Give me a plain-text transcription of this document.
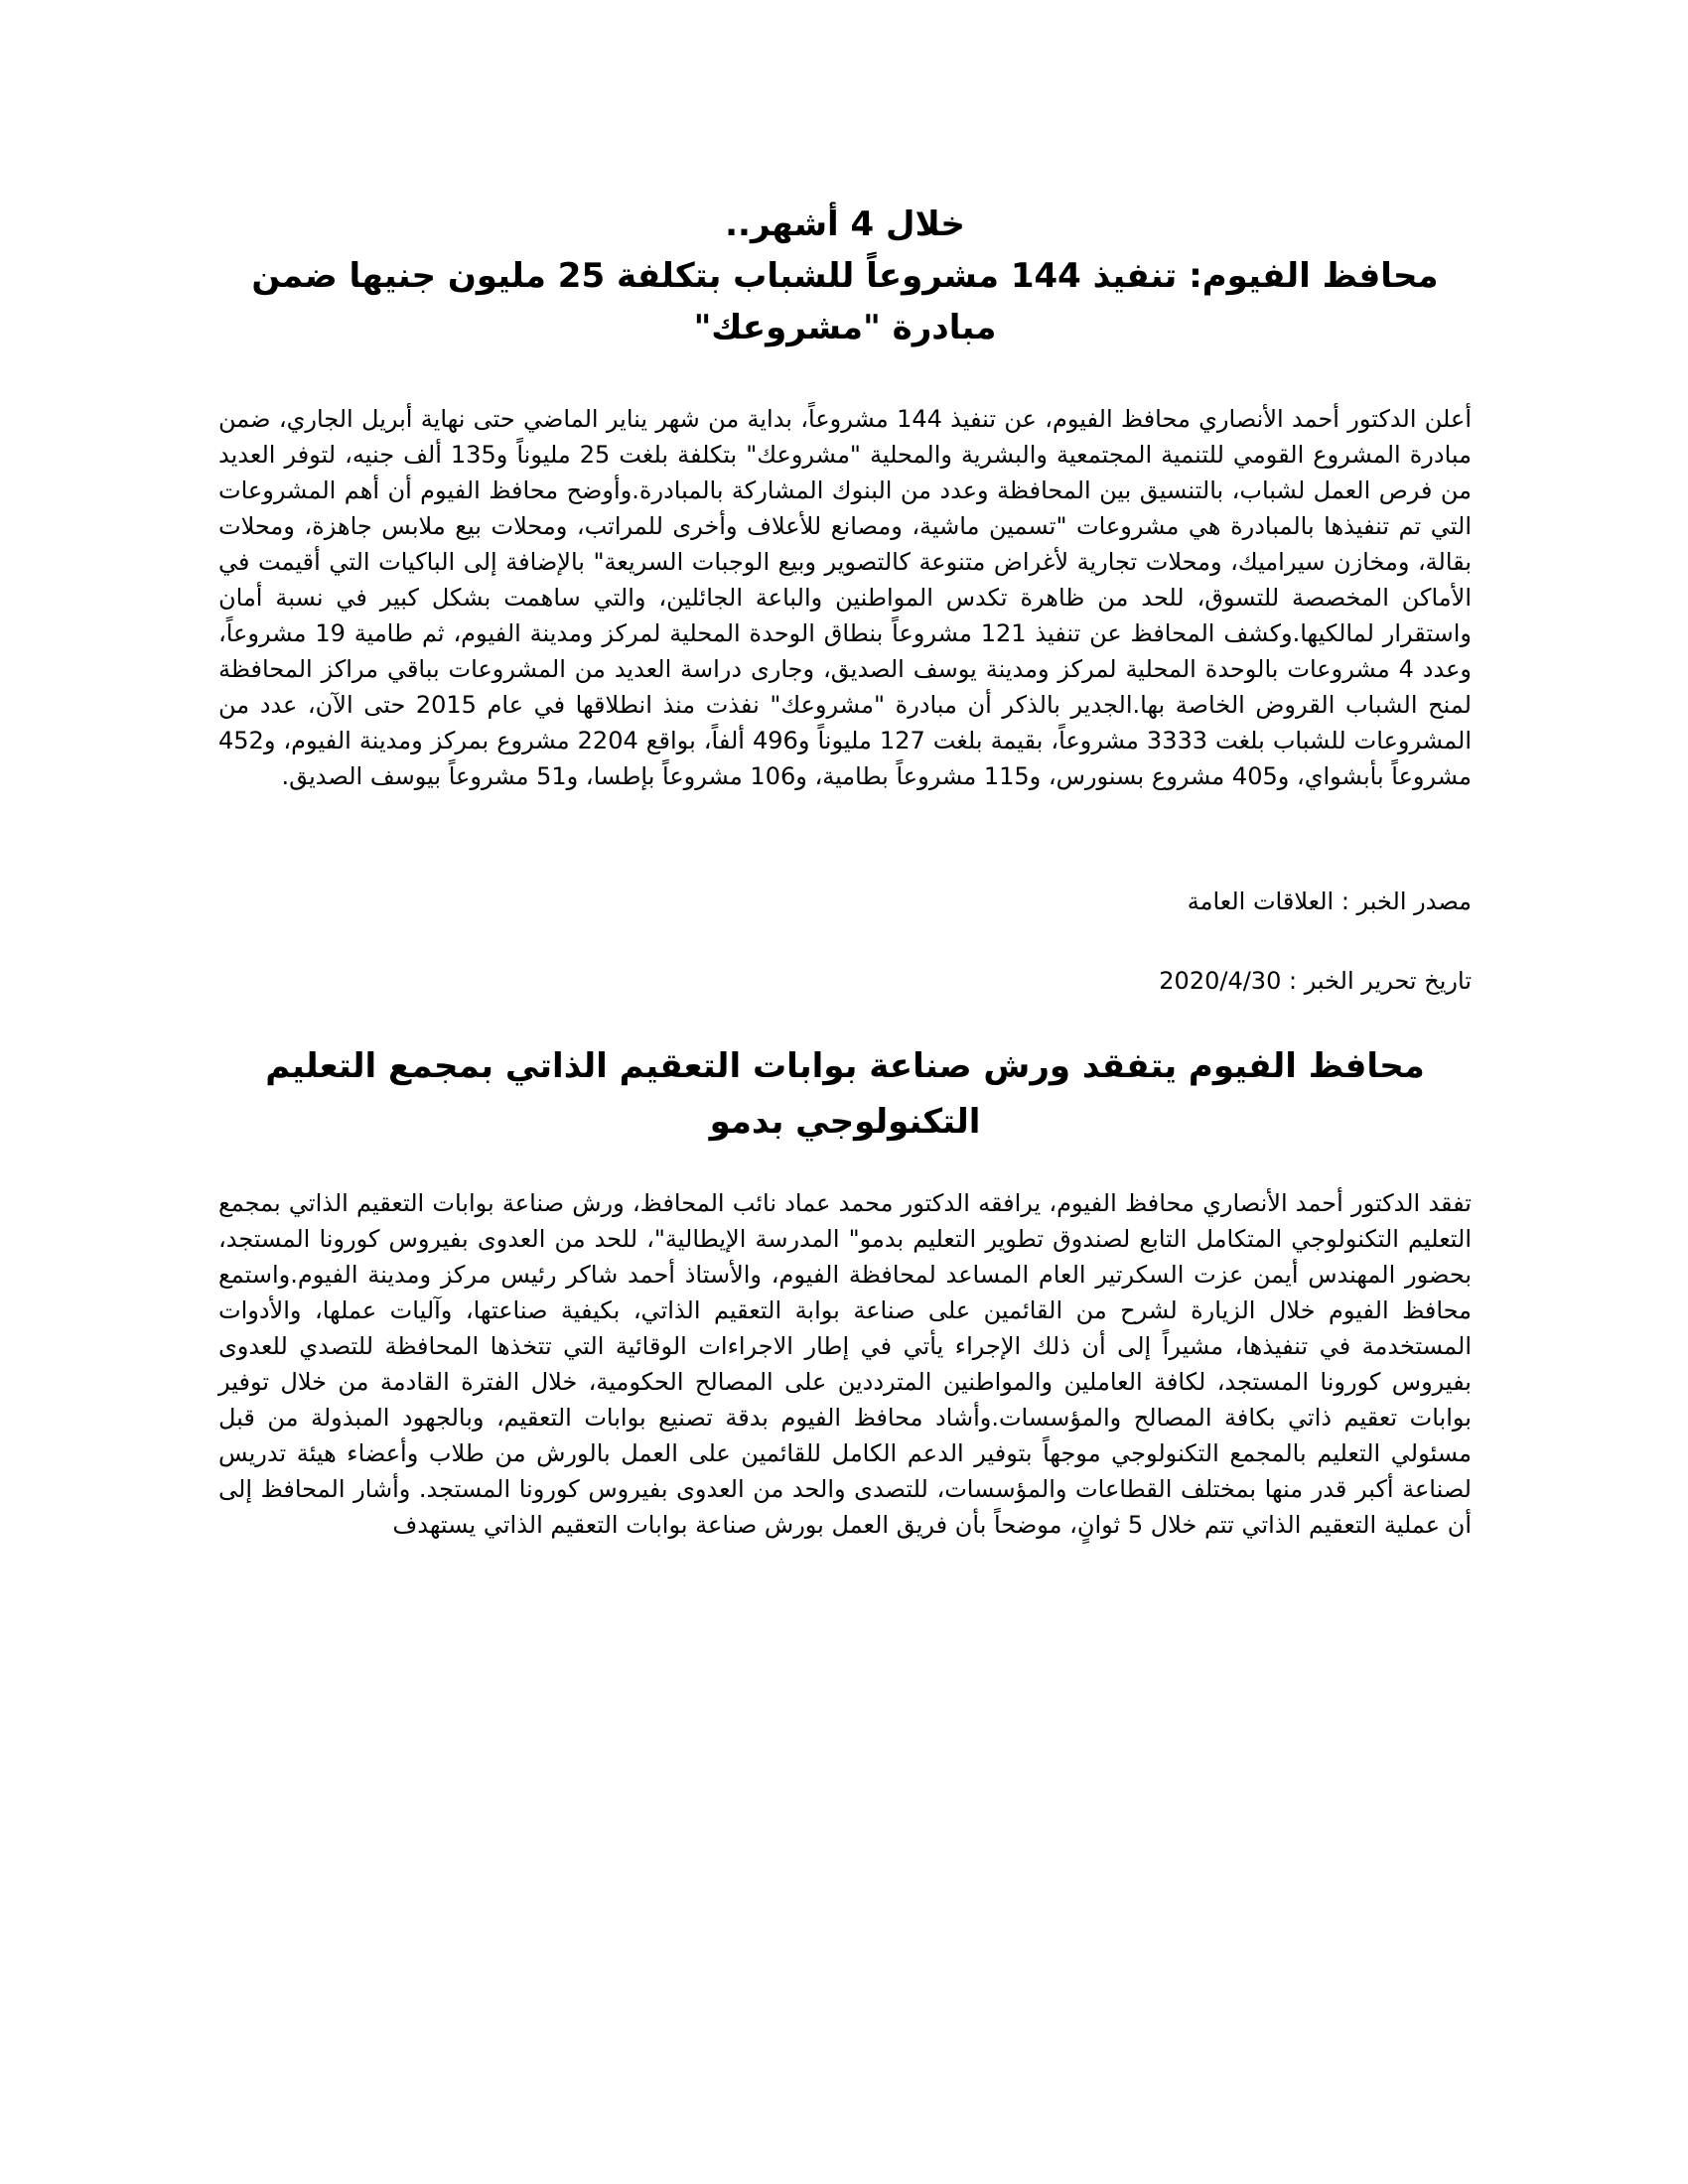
خلال 4 أشهر..
محافظ الفيوم: تنفيذ 144 مشروعاً للشباب بتكلفة 25 مليون جنيها ضمن مبادرة "مشروعك"

أعلن الدكتور أحمد الأنصاري محافظ الفيوم، عن تنفيذ 144 مشروعاً، بداية من شهر يناير الماضي حتى نهاية أبريل الجاري، ضمن مبادرة المشروع القومي للتنمية المجتمعية والبشرية والمحلية "مشروعك" بتكلفة بلغت 25 مليوناً و135 ألف جنيه، لتوفر العديد من فرص العمل لشباب، بالتنسيق بين المحافظة وعدد من البنوك المشاركة بالمبادرة.وأوضح محافظ الفيوم أن أهم المشروعات التي تم تنفيذها بالمبادرة هي مشروعات "تسمين ماشية، ومصانع للأعلاف وأخرى للمراتب، ومحلات بيع ملابس جاهزة، ومحلات بقالة، ومخازن سيراميك، ومحلات تجارية لأغراض متنوعة كالتصوير وبيع الوجبات السريعة" بالإضافة إلى الباكيات التي أقيمت في الأماكن المخصصة للتسوق، للحد من ظاهرة تكدس المواطنين والباعة الجائلين، والتي ساهمت بشكل كبير في نسبة أمان واستقرار لمالكيها.وكشف المحافظ عن تنفيذ 121 مشروعاً بنطاق الوحدة المحلية لمركز ومدينة الفيوم، ثم طامية 19 مشروعاً، وعدد 4 مشروعات بالوحدة المحلية لمركز ومدينة يوسف الصديق، وجارى دراسة العديد من المشروعات بباقي مراكز المحافظة لمنح الشباب القروض الخاصة بها.الجدير بالذكر أن مبادرة "مشروعك" نفذت منذ انطلاقها في عام 2015 حتى الآن، عدد من المشروعات للشباب بلغت 3333 مشروعاً، بقيمة بلغت 127 مليوناً و496 ألفاً، بواقع 2204 مشروع بمركز ومدينة الفيوم، و452 مشروعاً بأبشواي، و405 مشروع بسنورس، و115 مشروعاً بطامية، و106 مشروعاً بإطسا، و51 مشروعاً بيوسف الصديق.

مصدر الخبر : العلاقات العامة

تاريخ تحرير الخبر : 2020/4/30

محافظ الفيوم يتفقد ورش صناعة بوابات التعقيم الذاتي بمجمع التعليم التكنولوجي بدمو

تفقد الدكتور أحمد الأنصاري محافظ الفيوم، يرافقه الدكتور محمد عماد نائب المحافظ، ورش صناعة بوابات التعقيم الذاتي بمجمع التعليم التكنولوجي المتكامل التابع لصندوق تطوير التعليم بدمو" المدرسة الإيطالية"، للحد من العدوى بفيروس كورونا المستجد، بحضور المهندس أيمن عزت السكرتير العام المساعد لمحافظة الفيوم، والأستاذ أحمد شاكر رئيس مركز ومدينة الفيوم.واستمع محافظ الفيوم خلال الزيارة لشرح من القائمين على صناعة بوابة التعقيم الذاتي، بكيفية صناعتها، وآليات عملها، والأدوات المستخدمة في تنفيذها، مشيراً إلى أن ذلك الإجراء يأتي في إطار الاجراءات الوقائية التي تتخذها المحافظة للتصدي للعدوى بفيروس كورونا المستجد، لكافة العاملين والمواطنين المترددين على المصالح الحكومية، خلال الفترة القادمة من خلال توفير بوابات تعقيم ذاتي بكافة المصالح والمؤسسات.وأشاد محافظ الفيوم بدقة تصنيع بوابات التعقيم، وبالجهود المبذولة من قبل مسئولي التعليم بالمجمع التكنولوجي موجهاً بتوفير الدعم الكامل للقائمين على العمل بالورش من طلاب وأعضاء هيئة تدريس لصناعة أكبر قدر منها بمختلف القطاعات والمؤسسات، للتصدى والحد من العدوى بفيروس كورونا المستجد. وأشار المحافظ إلى أن عملية التعقيم الذاتي تتم خلال 5 ثوانٍ، موضحاً بأن فريق العمل بورش صناعة بوابات التعقيم الذاتي يستهدف
